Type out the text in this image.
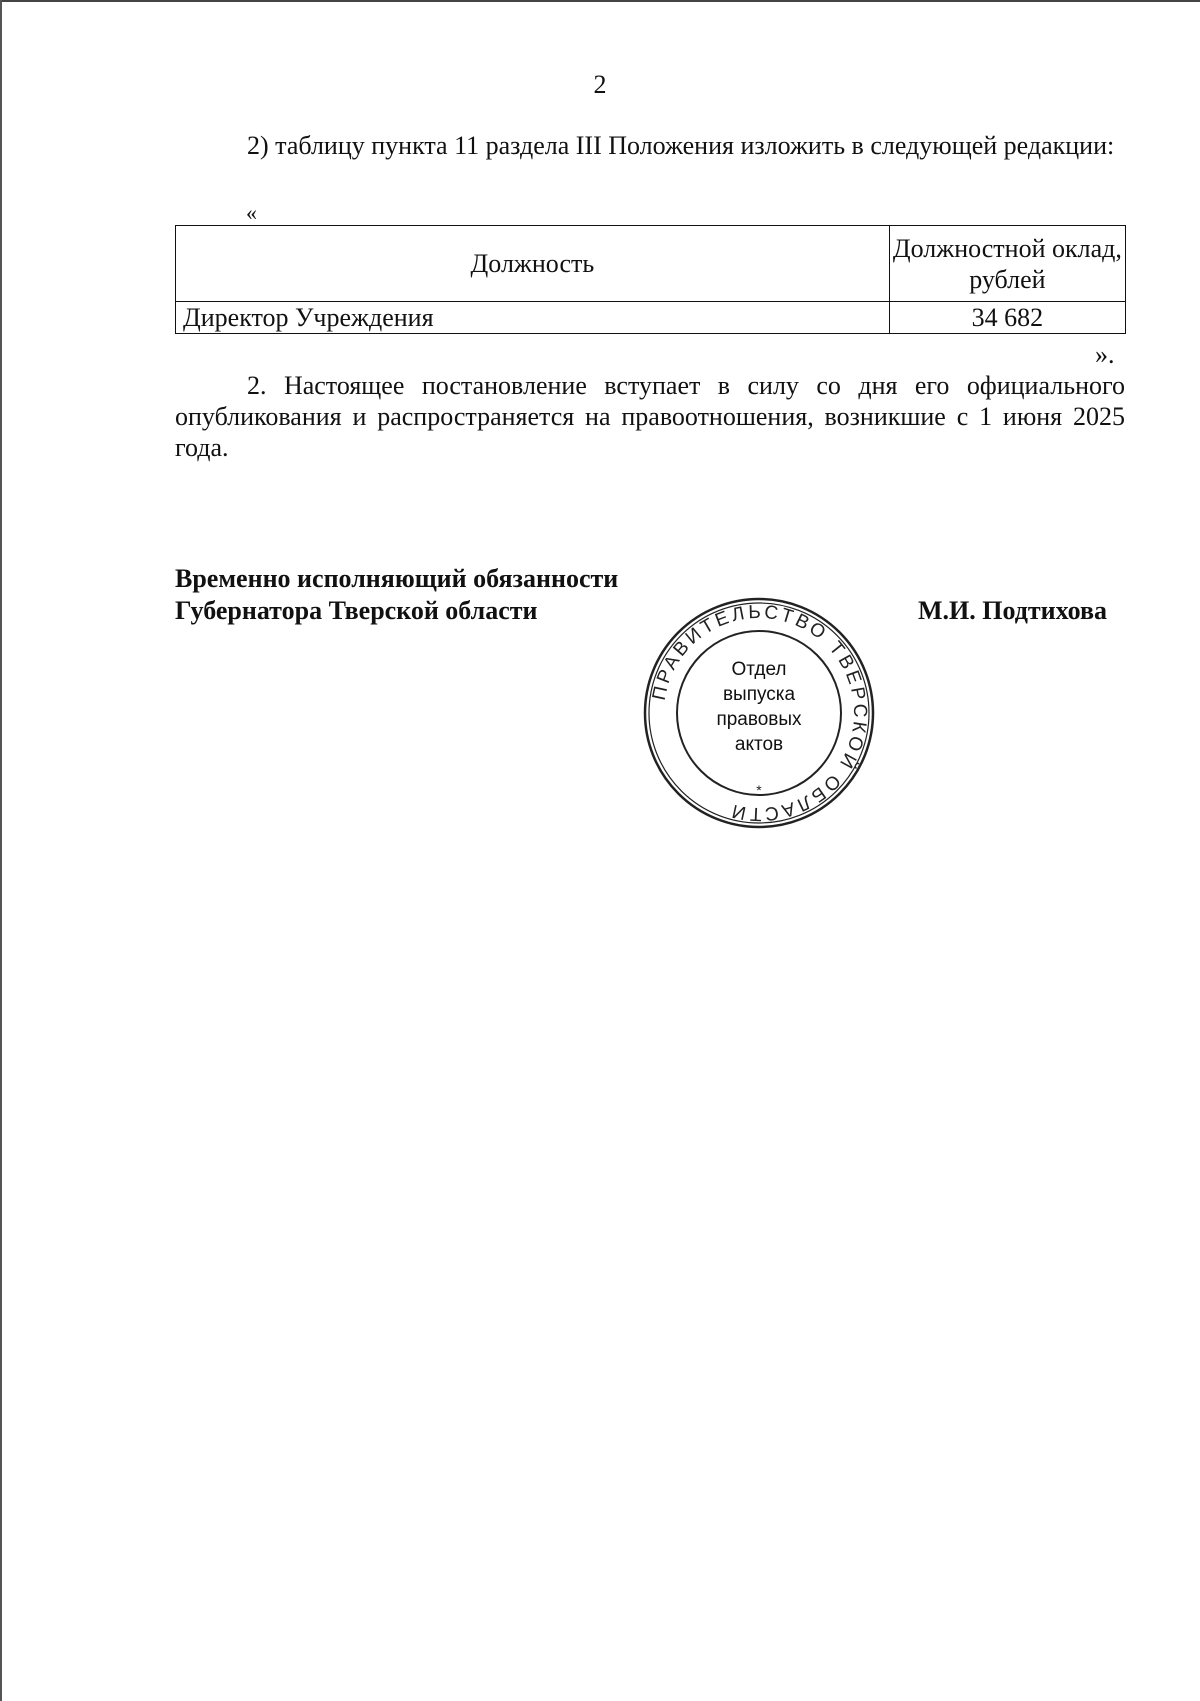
2

2) таблицу пункта 11 раздела III Положения изложить в следующей редакции:

«
Должность	Должностной оклад, рублей
Директор Учреждения	34 682
».

2. Настоящее постановление вступает в силу со дня его официального опубликования и распространяется на правоотношения, возникшие с 1 июня 2025 года.

Временно исполняющий обязанности
Губернатора Тверской области	М.И. Подтихова
ПРАВИТЕЛЬСТВО ТВЕРСКОЙ ОБЛАСТИ
*
Отдел
выпуска
правовых
актов
